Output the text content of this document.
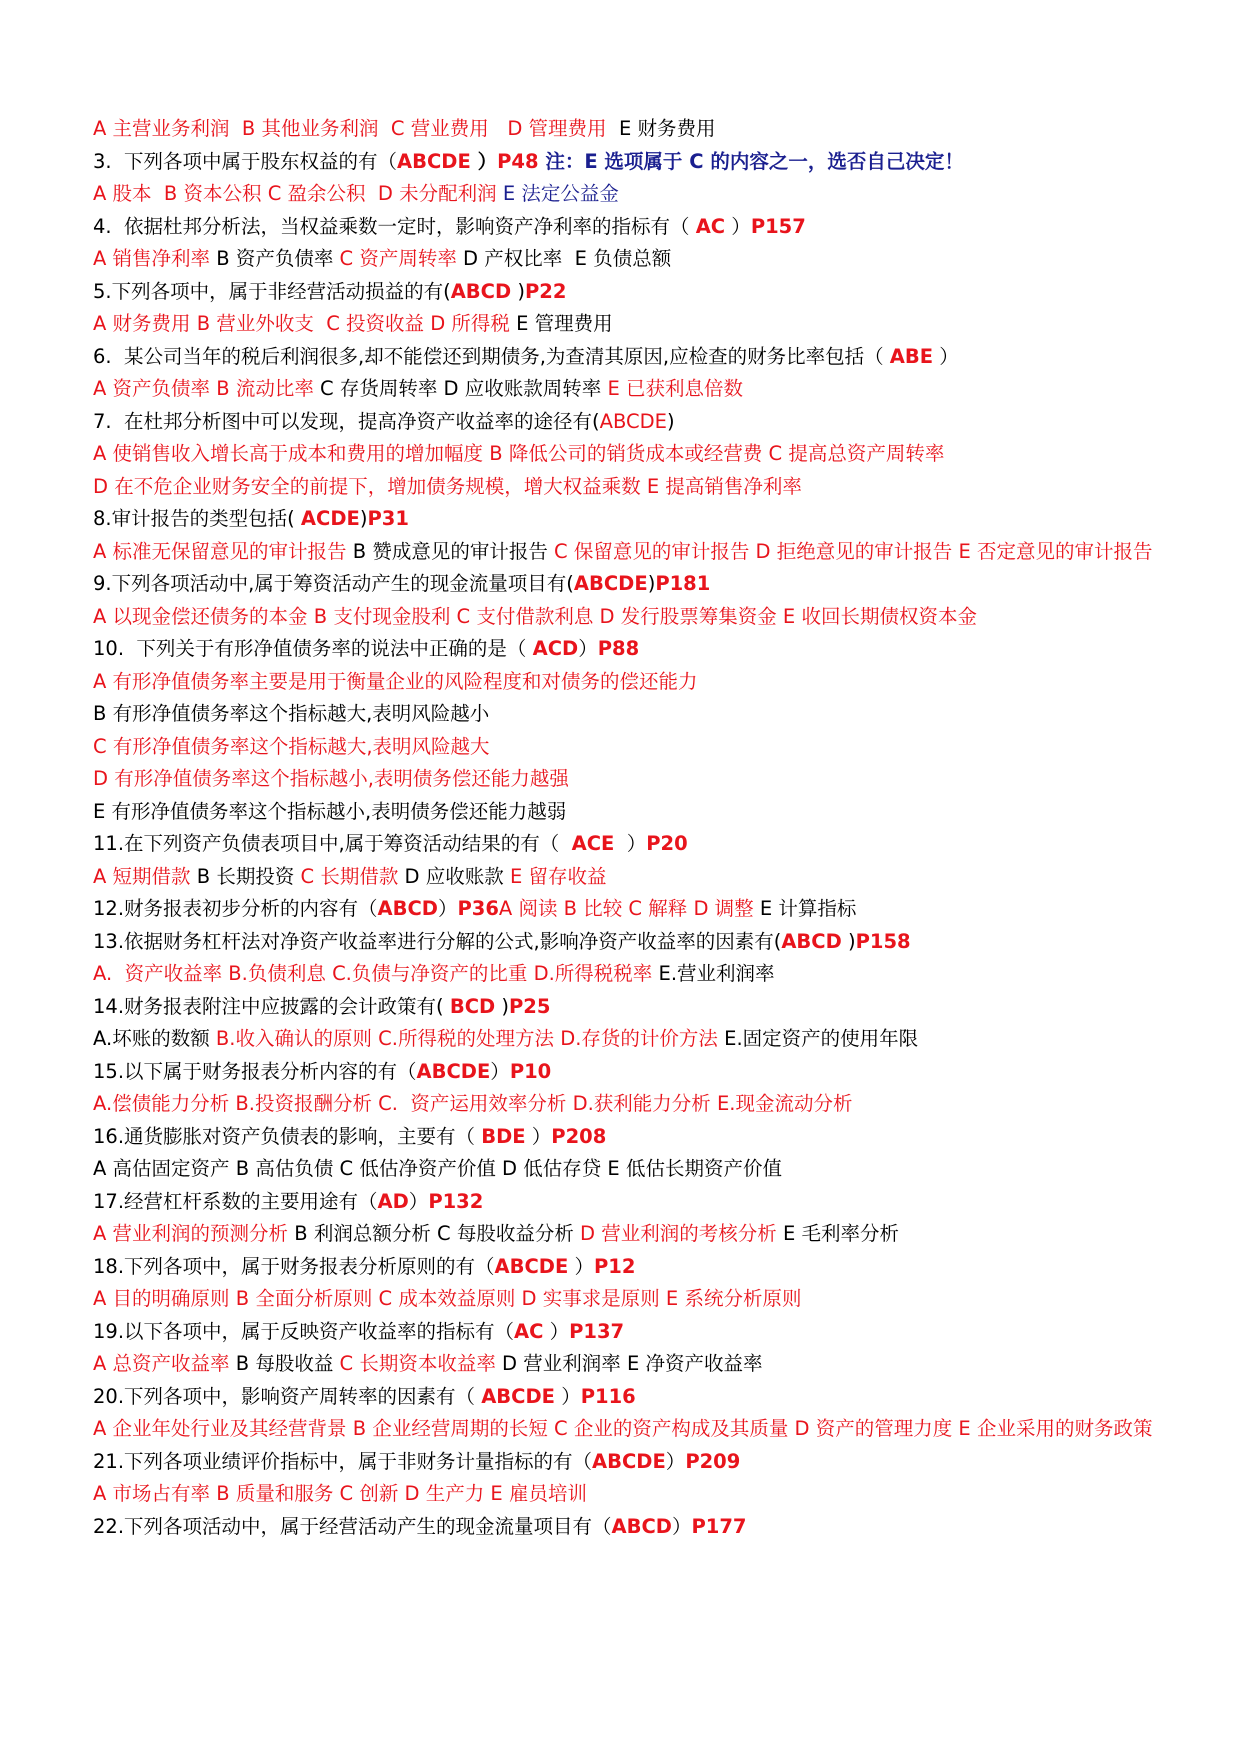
A 主营业务利润  B 其他业务利润  C 营业费用   D 管理费用  E 财务费用
3.  下列各项中属于股东权益的有（ABCDE ）P48 注：E 选项属于 C 的内容之一，选否自己决定！
A 股本  B 资本公积 C 盈余公积  D 未分配利润 E 法定公益金
4.  依据杜邦分析法，当权益乘数一定时，影响资产净利率的指标有（ AC ）P157
A 销售净利率 B 资产负债率 C 资产周转率 D 产权比率  E 负债总额
5.下列各项中，属于非经营活动损益的有(ABCD )P22
A 财务费用 B 营业外收支  C 投资收益 D 所得税 E 管理费用
6.  某公司当年的税后利润很多,却不能偿还到期债务,为查清其原因,应检查的财务比率包括（ ABE ）
A 资产负债率 B 流动比率 C 存货周转率 D 应收账款周转率 E 已获利息倍数
7.  在杜邦分析图中可以发现，提高净资产收益率的途径有(ABCDE)
A 使销售收入增长高于成本和费用的增加幅度 B 降低公司的销货成本或经营费 C 提高总资产周转率
D 在不危企业财务安全的前提下，增加债务规模，增大权益乘数 E 提高销售净利率
8.审计报告的类型包括( ACDE)P31
A 标准无保留意见的审计报告 B 赞成意见的审计报告 C 保留意见的审计报告 D 拒绝意见的审计报告 E 否定意见的审计报告
9.下列各项活动中,属于筹资活动产生的现金流量项目有(ABCDE)P181
A 以现金偿还债务的本金 B 支付现金股利 C 支付借款利息 D 发行股票筹集资金 E 收回长期债权资本金
10.  下列关于有形净值债务率的说法中正确的是（ ACD）P88
A 有形净值债务率主要是用于衡量企业的风险程度和对债务的偿还能力
B 有形净值债务率这个指标越大,表明风险越小
C 有形净值债务率这个指标越大,表明风险越大
D 有形净值债务率这个指标越小,表明债务偿还能力越强
E 有形净值债务率这个指标越小,表明债务偿还能力越弱
11.在下列资产负债表项目中,属于筹资活动结果的有（  ACE  ）P20
A 短期借款 B 长期投资 C 长期借款 D 应收账款 E 留存收益
12.财务报表初步分析的内容有（ABCD）P36A 阅读 B 比较 C 解释 D 调整 E 计算指标
13.依据财务杠杆法对净资产收益率进行分解的公式,影响净资产收益率的因素有(ABCD )P158
A.  资产收益率 B.负债利息 C.负债与净资产的比重 D.所得税税率 E.营业利润率
14.财务报表附注中应披露的会计政策有( BCD )P25
A.坏账的数额 B.收入确认的原则 C.所得税的处理方法 D.存货的计价方法 E.固定资产的使用年限
15.以下属于财务报表分析内容的有（ABCDE）P10
A.偿债能力分析 B.投资报酬分析 C.  资产运用效率分析 D.获利能力分析 E.现金流动分析
16.通货膨胀对资产负债表的影响，主要有（ BDE ）P208
A 高估固定资产 B 高估负债 C 低估净资产价值 D 低估存贷 E 低估长期资产价值
17.经营杠杆系数的主要用途有（AD）P132
A 营业利润的预测分析 B 利润总额分析 C 每股收益分析 D 营业利润的考核分析 E 毛利率分析
18.下列各项中，属于财务报表分析原则的有（ABCDE ）P12
A 目的明确原则 B 全面分析原则 C 成本效益原则 D 实事求是原则 E 系统分析原则
19.以下各项中，属于反映资产收益率的指标有（AC ）P137
A 总资产收益率 B 每股收益 C 长期资本收益率 D 营业利润率 E 净资产收益率
20.下列各项中，影响资产周转率的因素有（ ABCDE ）P116
A 企业年处行业及其经营背景 B 企业经营周期的长短 C 企业的资产构成及其质量 D 资产的管理力度 E 企业采用的财务政策
21.下列各项业绩评价指标中，属于非财务计量指标的有（ABCDE）P209
A 市场占有率 B 质量和服务 C 创新 D 生产力 E 雇员培训
22.下列各项活动中，属于经营活动产生的现金流量项目有（ABCD）P177
